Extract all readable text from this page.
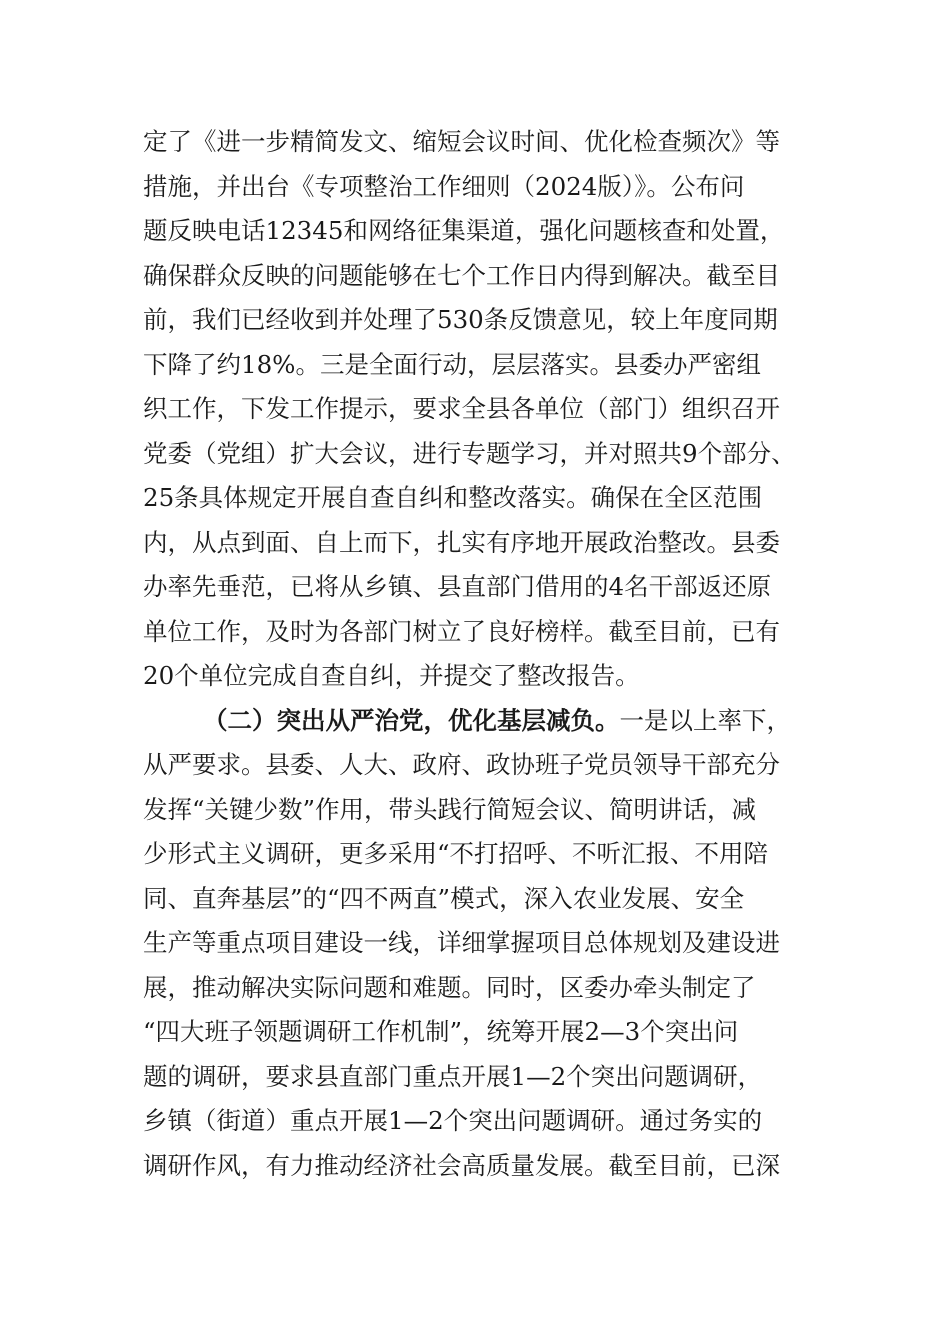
定了《进一步精简发文、缩短会议时间、优化检查频次》等
措施，并出台《专项整治工作细则（2024版）》。公布问
题反映电话12345和网络征集渠道，强化问题核查和处置，
确保群众反映的问题能够在七个工作日内得到解决。截至目
前，我们已经收到并处理了530条反馈意见，较上年度同期
下降了约18%。三是全面行动，层层落实。县委办严密组
织工作，下发工作提示，要求全县各单位（部门）组织召开
党委（党组）扩大会议，进行专题学习，并对照共9个部分、
25条具体规定开展自查自纠和整改落实。确保在全区范围
内，从点到面、自上而下，扎实有序地开展政治整改。县委
办率先垂范，已将从乡镇、县直部门借用的4名干部返还原
单位工作，及时为各部门树立了良好榜样。截至目前，已有
20个单位完成自查自纠，并提交了整改报告。
（二）突出从严治党，优化基层减负。一是以上率下，
从严要求。县委、人大、政府、政协班子党员领导干部充分
发挥“关键少数”作用，带头践行简短会议、简明讲话，减
少形式主义调研，更多采用“不打招呼、不听汇报、不用陪
同、直奔基层”的“四不两直”模式，深入农业发展、安全
生产等重点项目建设一线，详细掌握项目总体规划及建设进
展，推动解决实际问题和难题。同时，区委办牵头制定了
“四大班子领题调研工作机制”，统筹开展2—3个突出问
题的调研，要求县直部门重点开展1—2个突出问题调研，
乡镇（街道）重点开展1—2个突出问题调研。通过务实的
调研作风，有力推动经济社会高质量发展。截至目前，已深
